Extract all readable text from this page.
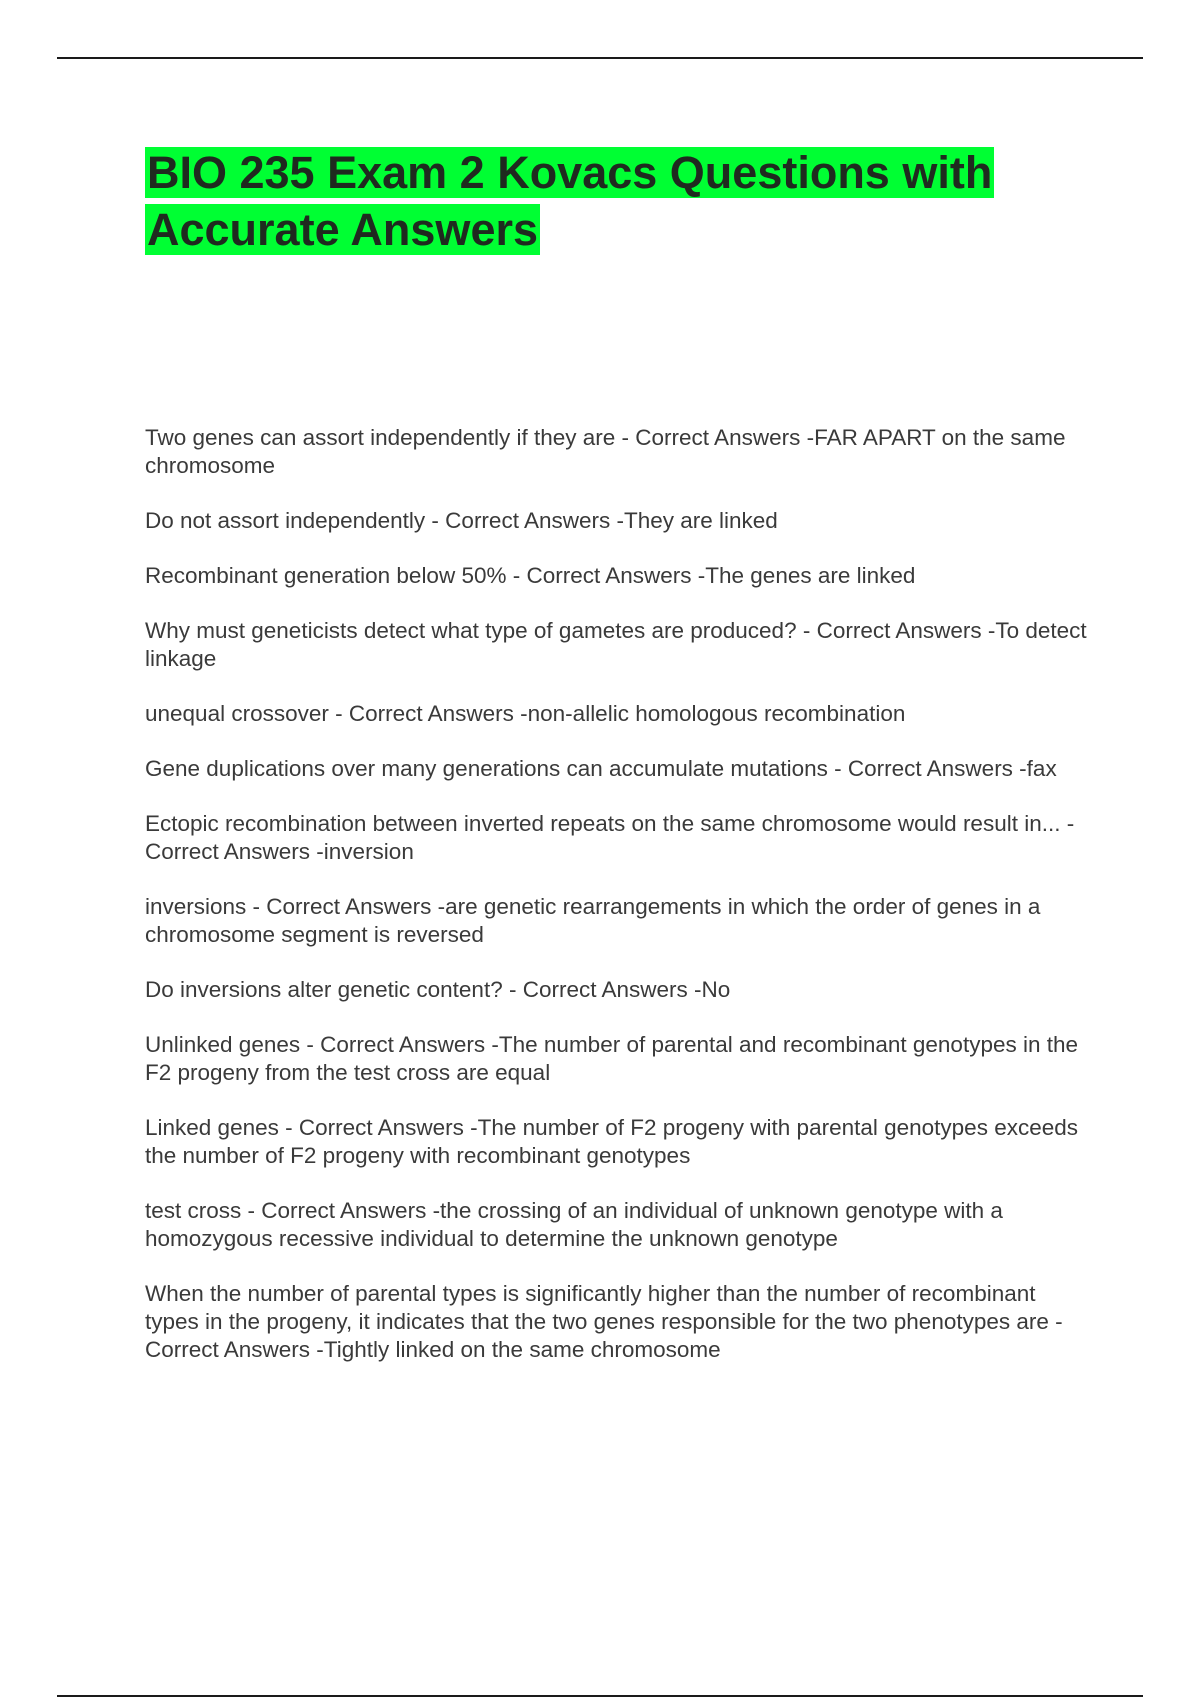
BIO 235 Exam 2 Kovacs Questions with Accurate Answers
Two genes can assort independently if they are - Correct Answers -FAR APART on the same chromosome
Do not assort independently - Correct Answers -They are linked
Recombinant generation below 50% - Correct Answers -The genes are linked
Why must geneticists detect what type of gametes are produced? - Correct Answers -To detect linkage
unequal crossover - Correct Answers -non-allelic homologous recombination
Gene duplications over many generations can accumulate mutations - Correct Answers -fax
Ectopic recombination between inverted repeats on the same chromosome would result in... - Correct Answers -inversion
inversions - Correct Answers -are genetic rearrangements in which the order of genes in a chromosome segment is reversed
Do inversions alter genetic content? - Correct Answers -No
Unlinked genes - Correct Answers -The number of parental and recombinant genotypes in the F2 progeny from the test cross are equal
Linked genes - Correct Answers -The number of F2 progeny with parental genotypes exceeds the number of F2 progeny with recombinant genotypes
test cross - Correct Answers -the crossing of an individual of unknown genotype with a homozygous recessive individual to determine the unknown genotype
When the number of parental types is significantly higher than the number of recombinant types in the progeny, it indicates that the two genes responsible for the two phenotypes are - Correct Answers -Tightly linked on the same chromosome
